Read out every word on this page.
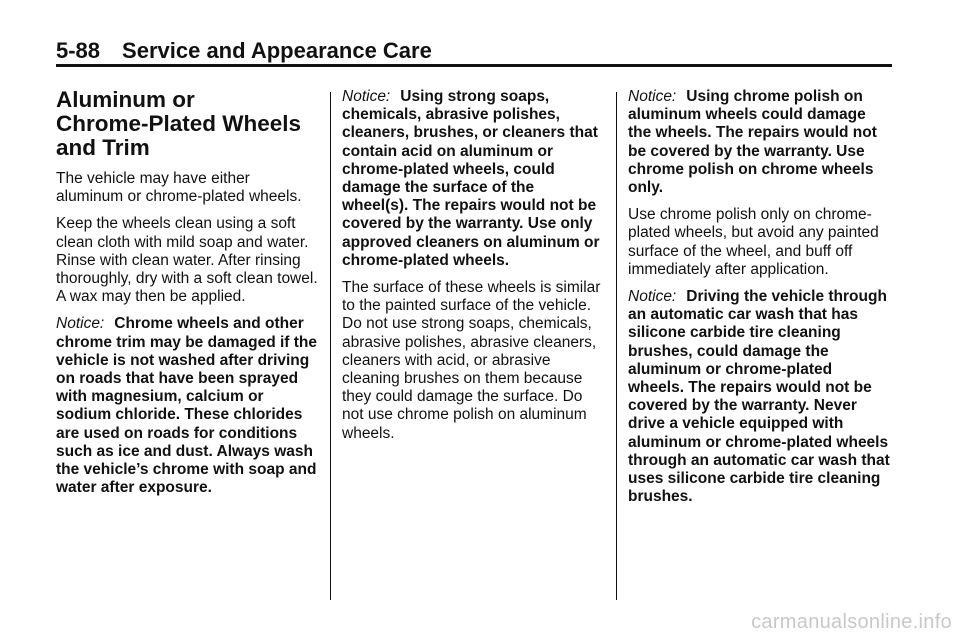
5-88 Service and Appearance Care
Aluminum or
Chrome-Plated Wheels
and Trim

The vehicle may have either aluminum or chrome-plated wheels.

Keep the wheels clean using a soft clean cloth with mild soap and water. Rinse with clean water. After rinsing thoroughly, dry with a soft clean towel. A wax may then be applied.

Notice: Chrome wheels and other chrome trim may be damaged if the vehicle is not washed after driving on roads that have been sprayed with magnesium, calcium or sodium chloride. These chlorides are used on roads for conditions such as ice and dust. Always wash the vehicle’s chrome with soap and water after exposure.

Notice: Using strong soaps, chemicals, abrasive polishes, cleaners, brushes, or cleaners that contain acid on aluminum or chrome-plated wheels, could damage the surface of the wheel(s). The repairs would not be covered by the warranty. Use only approved cleaners on aluminum or chrome-plated wheels.

The surface of these wheels is similar to the painted surface of the vehicle. Do not use strong soaps, chemicals, abrasive polishes, abrasive cleaners, cleaners with acid, or abrasive cleaning brushes on them because they could damage the surface. Do not use chrome polish on aluminum wheels.

Notice: Using chrome polish on aluminum wheels could damage the wheels. The repairs would not be covered by the warranty. Use chrome polish on chrome wheels only.

Use chrome polish only on chrome-plated wheels, but avoid any painted surface of the wheel, and buff off immediately after application.

Notice: Driving the vehicle through an automatic car wash that has silicone carbide tire cleaning brushes, could damage the aluminum or chrome-plated wheels. The repairs would not be covered by the warranty. Never drive a vehicle equipped with aluminum or chrome-plated wheels through an automatic car wash that uses silicone carbide tire cleaning brushes.

carmanualsonline.info
